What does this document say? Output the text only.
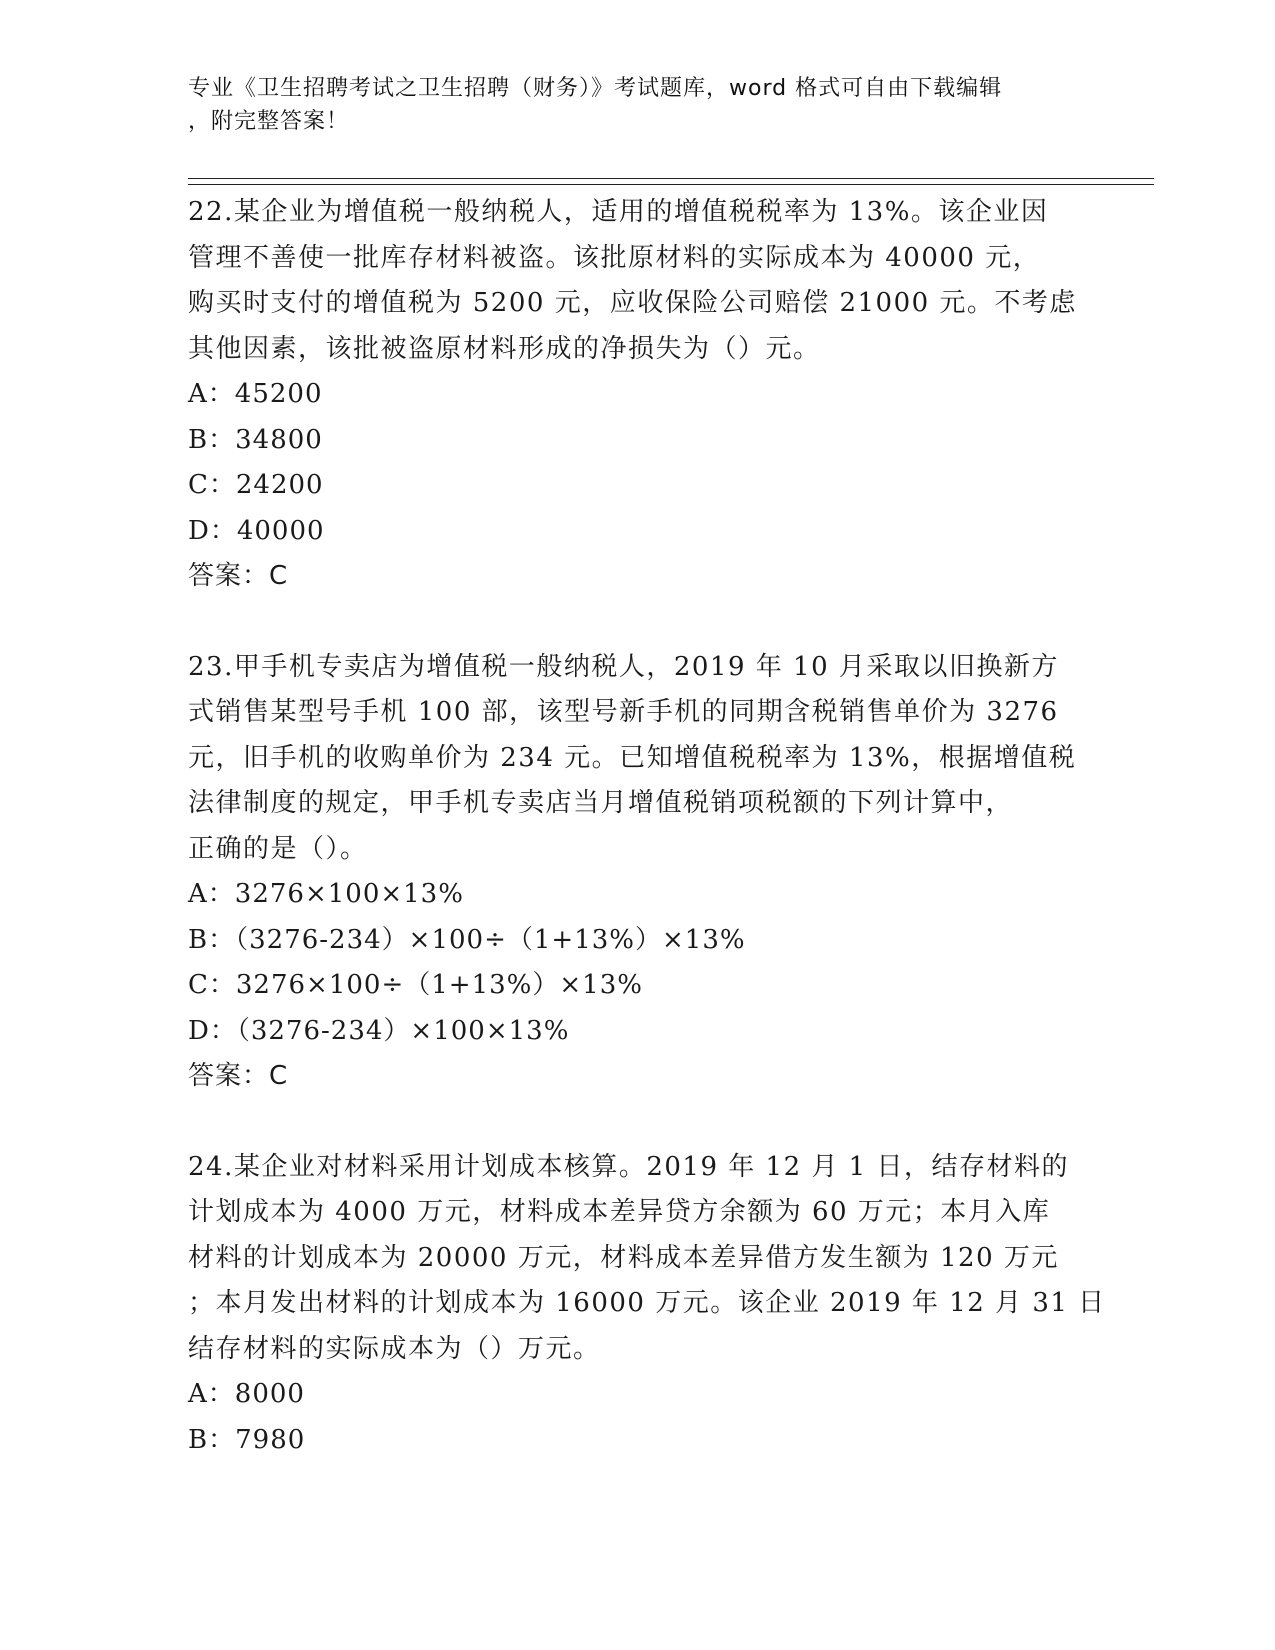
专业《卫生招聘考试之卫生招聘（财务）》考试题库，word 格式可自由下载编辑
，附完整答案！
22.某企业为增值税一般纳税人，适用的增值税税率为 13%。该企业因
管理不善使一批库存材料被盗。该批原材料的实际成本为 40000 元，
购买时支付的增值税为 5200 元，应收保险公司赔偿 21000 元。不考虑
其他因素，该批被盗原材料形成的净损失为（）元。
A：45200
B：34800
C：24200
D：40000
答案：C
23.甲手机专卖店为增值税一般纳税人，2019 年 10 月采取以旧换新方
式销售某型号手机 100 部，该型号新手机的同期含税销售单价为 3276
元，旧手机的收购单价为 234 元。已知增值税税率为 13%，根据增值税
法律制度的规定，甲手机专卖店当月增值税销项税额的下列计算中，
正确的是（）。
A：3276×100×13%
B：（3276-234）×100÷（1+13%）×13%
C：3276×100÷（1+13%）×13%
D：（3276-234）×100×13%
答案：C
24.某企业对材料采用计划成本核算。2019 年 12 月 1 日，结存材料的
计划成本为 4000 万元，材料成本差异贷方余额为 60 万元；本月入库
材料的计划成本为 20000 万元，材料成本差异借方发生额为 120 万元
；本月发出材料的计划成本为 16000 万元。该企业 2019 年 12 月 31 日
结存材料的实际成本为（）万元。
A：8000
B：7980
